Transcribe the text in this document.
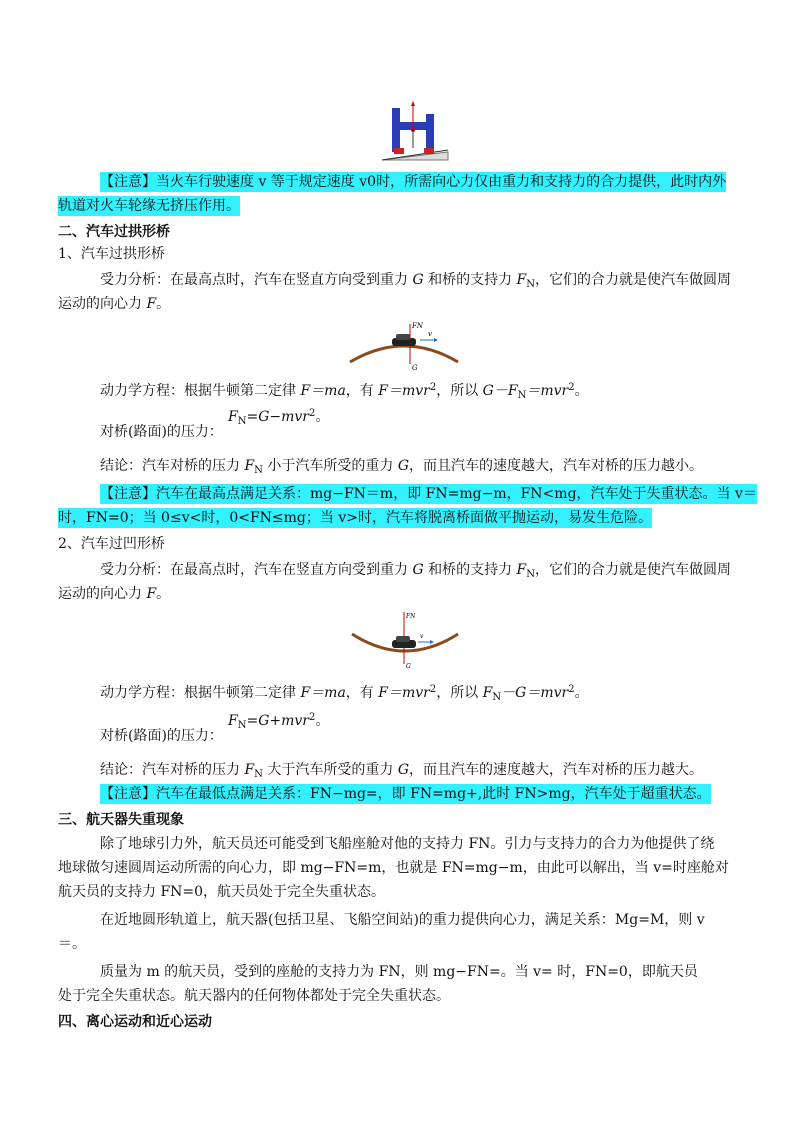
【注意】当火车行驶速度 v 等于规定速度 v0时，所需向心力仅由重力和支持力的合力提供，此时内外
轨道对火车轮缘无挤压作用。
二、汽车过拱形桥
1、汽车过拱形桥
受力分析：在最高点时，汽车在竖直方向受到重力 G 和桥的支持力 $F_N$，它们的合力就是使汽车做圆周
运动的向心力 F。
FN
v
G
动力学方程：根据牛顿第二定律 F＝ma，有 F＝mvr$^2$，所以 $G-F_N=mvr^2$。
$F_N=G-mvr^2$。
对桥(路面)的压力：
结论：汽车对桥的压力 $F_N$ 小于汽车所受的重力 G，而且汽车的速度越大，汽车对桥的压力越小。
【注意】汽车在最高点满足关系：mg−FN＝m，即 FN=mg−m，FN<mg，汽车处于失重状态。当 v＝
时，FN=0；当 0≤v<时，0<FN≤mg；当 v>时，汽车将脱离桥面做平抛运动，易发生危险。
2、汽车过凹形桥
受力分析：在最高点时，汽车在竖直方向受到重力 G 和桥的支持力 $F_N$，它们的合力就是使汽车做圆周
运动的向心力 F。
FN
v
G
动力学方程：根据牛顿第二定律 F＝ma，有 F＝mvr$^2$，所以 $F_N-G=mvr^2$。
$F_N=G+mvr^2$。
对桥(路面)的压力：
结论：汽车对桥的压力 $F_N$ 大于汽车所受的重力 G，而且汽车的速度越大，汽车对桥的压力越大。
【注意】汽车在最低点满足关系：FN−mg=，即 FN=mg+,此时 FN>mg，汽车处于超重状态。
三、航天器失重现象
除了地球引力外，航天员还可能受到飞船座舱对他的支持力 FN。引力与支持力的合力为他提供了绕
地球做匀速圆周运动所需的向心力，即 mg−FN=m，也就是 FN=mg−m，由此可以解出，当 v=时座舱对
航天员的支持力 FN=0，航天员处于完全失重状态。
在近地圆形轨道上，航天器(包括卫星、飞船空间站)的重力提供向心力，满足关系：Mg=M，则 v
＝。
质量为 m 的航天员，受到的座舱的支持力为 FN，则 mg−FN=。当 v= 时，FN=0，即航天员
处于完全失重状态。航天器内的任何物体都处于完全失重状态。
四、离心运动和近心运动
